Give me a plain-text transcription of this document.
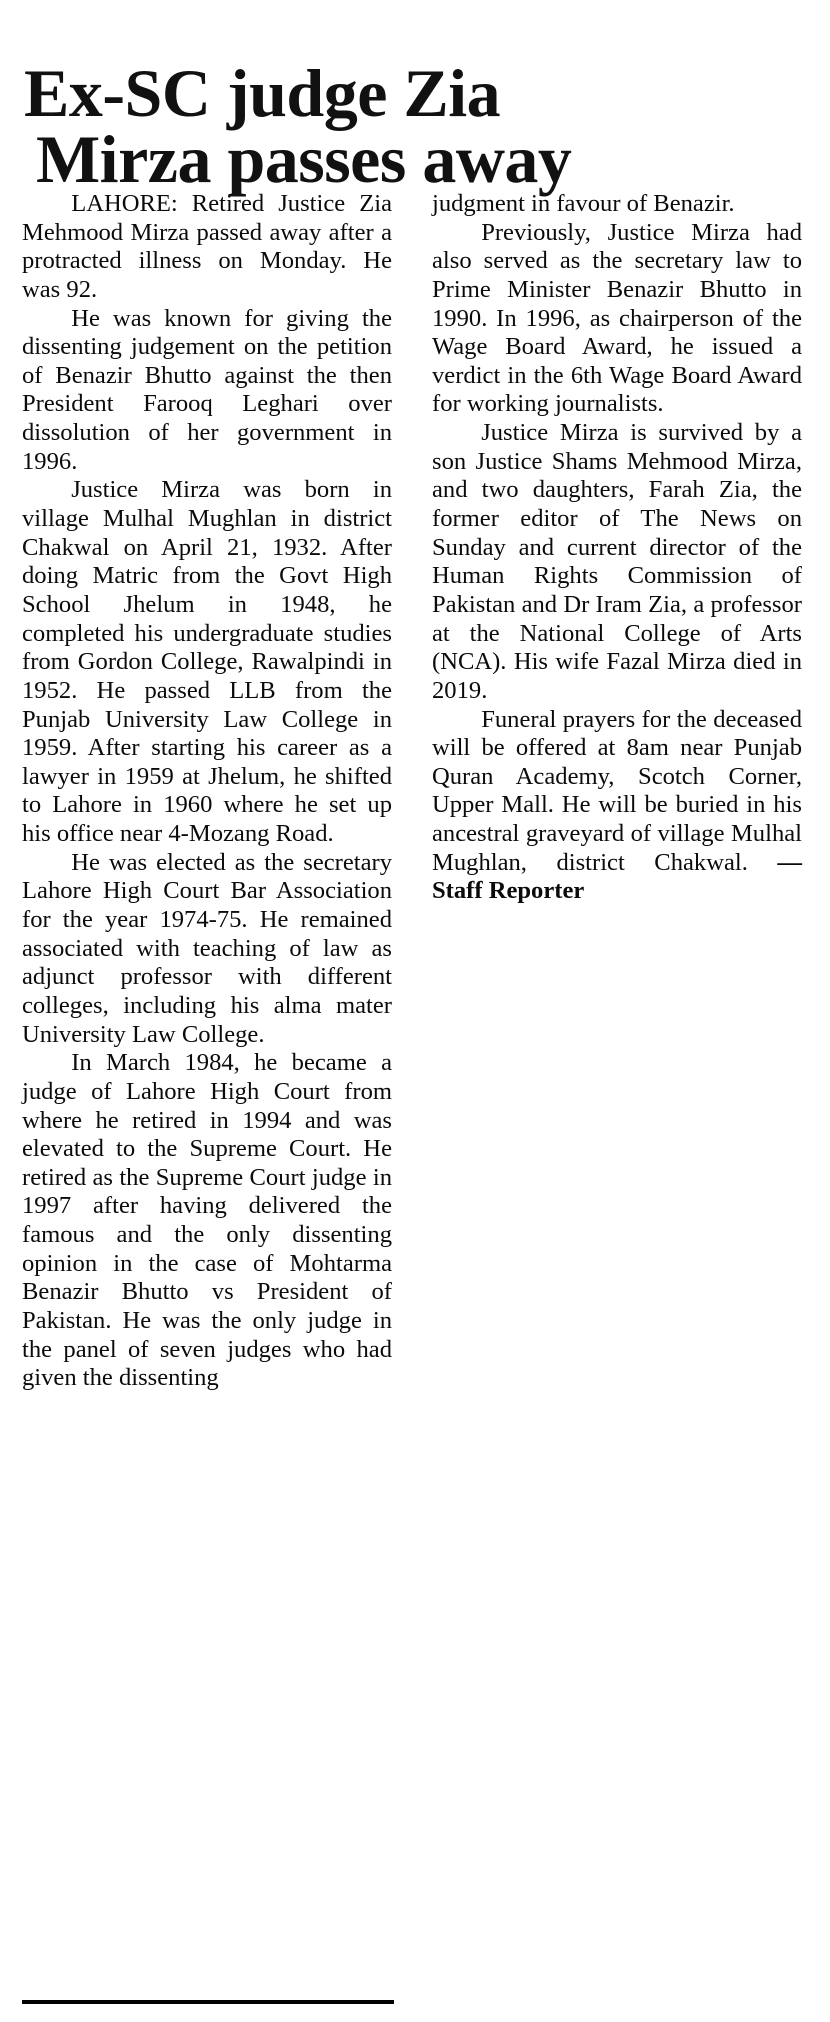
Ex-SC judge Zia
Mirza passes away

LAHORE: Retired Justice Zia Mehmood Mirza passed away after a protracted illness on Monday. He was 92.

He was known for giving the dissenting judgement on the petition of Benazir Bhutto against the then President Farooq Leghari over dissolution of her government in 1996.

Justice Mirza was born in village Mulhal Mughlan in district Chakwal on April 21, 1932. After doing Matric from the Govt High School Jhelum in 1948, he completed his undergraduate studies from Gordon College, Rawalpindi in 1952. He passed LLB from the Punjab University Law College in 1959. After starting his career as a lawyer in 1959 at Jhelum, he shifted to Lahore in 1960 where he set up his office near 4-Mozang Road.

He was elected as the secretary Lahore High Court Bar Association for the year 1974-75. He remained associated with teaching of law as adjunct professor with different colleges, including his alma mater University Law College.

In March 1984, he became a judge of Lahore High Court from where he retired in 1994 and was elevated to the Supreme Court. He retired as the Supreme Court judge in 1997 after having delivered the famous and the only dissenting opinion in the case of Mohtarma Benazir Bhutto vs President of Pakistan. He was the only judge in the panel of seven judges who had given the dissenting

judgment in favour of Benazir.

Previously, Justice Mirza had also served as the secretary law to Prime Minister Benazir Bhutto in 1990. In 1996, as chairperson of the Wage Board Award, he issued a verdict in the 6th Wage Board Award for working journalists.

Justice Mirza is survived by a son Justice Shams Mehmood Mirza, and two daughters, Farah Zia, the former editor of The News on Sunday and current director of the Human Rights Commission of Pakistan and Dr Iram Zia, a professor at the National College of Arts (NCA). His wife Fazal Mirza died in 2019.

Funeral prayers for the deceased will be offered at 8am near Punjab Quran Academy, Scotch Corner, Upper Mall. He will be buried in his ancestral graveyard of village Mulhal Mughlan, district Chakwal. — Staff Reporter
